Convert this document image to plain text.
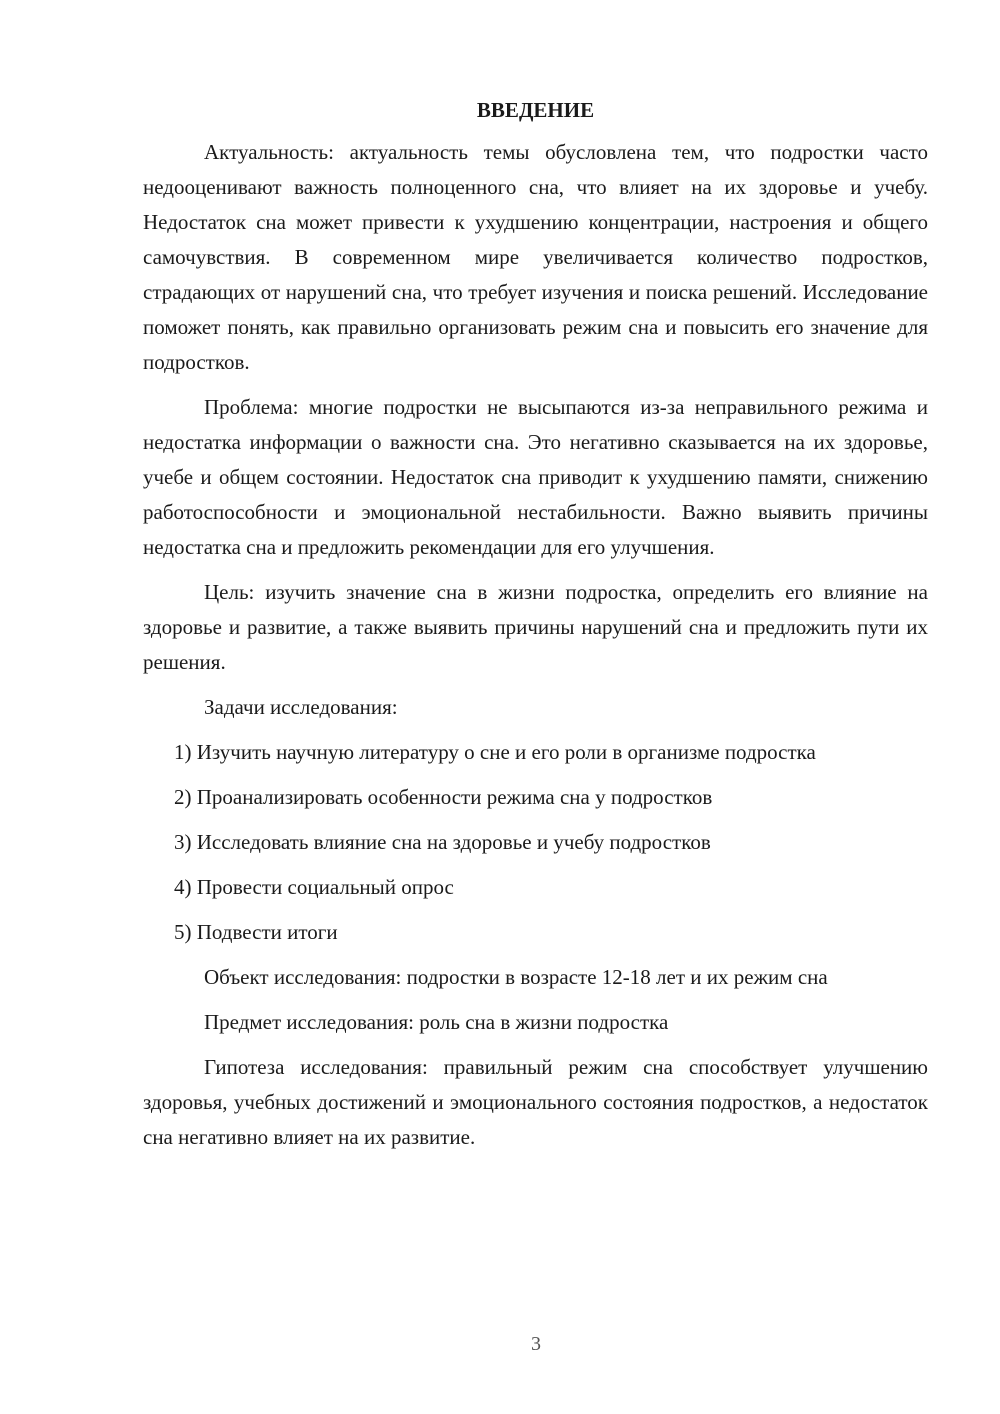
ВВЕДЕНИЕ

Актуальность: актуальность темы обусловлена тем, что подростки часто недооценивают важность полноценного сна, что влияет на их здоровье и учебу. Недостаток сна может привести к ухудшению концентрации, настроения и общего самочувствия. В современном мире увеличивается количество подростков, страдающих от нарушений сна, что требует изучения и поиска решений. Исследование поможет понять, как правильно организовать режим сна и повысить его значение для подростков.

Проблема: многие подростки не высыпаются из-за неправильного режима и недостатка информации о важности сна. Это негативно сказывается на их здоровье, учебе и общем состоянии. Недостаток сна приводит к ухудшению памяти, снижению работоспособности и эмоциональной нестабильности. Важно выявить причины недостатка сна и предложить рекомендации для его улучшения.

Цель: изучить значение сна в жизни подростка, определить его влияние на здоровье и развитие, а также выявить причины нарушений сна и предложить пути их решения.

Задачи исследования:

1) Изучить научную литературу о сне и его роли в организме подростка

2) Проанализировать особенности режима сна у подростков

3) Исследовать влияние сна на здоровье и учебу подростков

4) Провести социальный опрос

5) Подвести итоги

Объект исследования: подростки в возрасте 12-18 лет и их режим сна

Предмет исследования: роль сна в жизни подростка

Гипотеза исследования: правильный режим сна способствует улучшению здоровья, учебных достижений и эмоционального состояния подростков, а недостаток сна негативно влияет на их развитие.

3
